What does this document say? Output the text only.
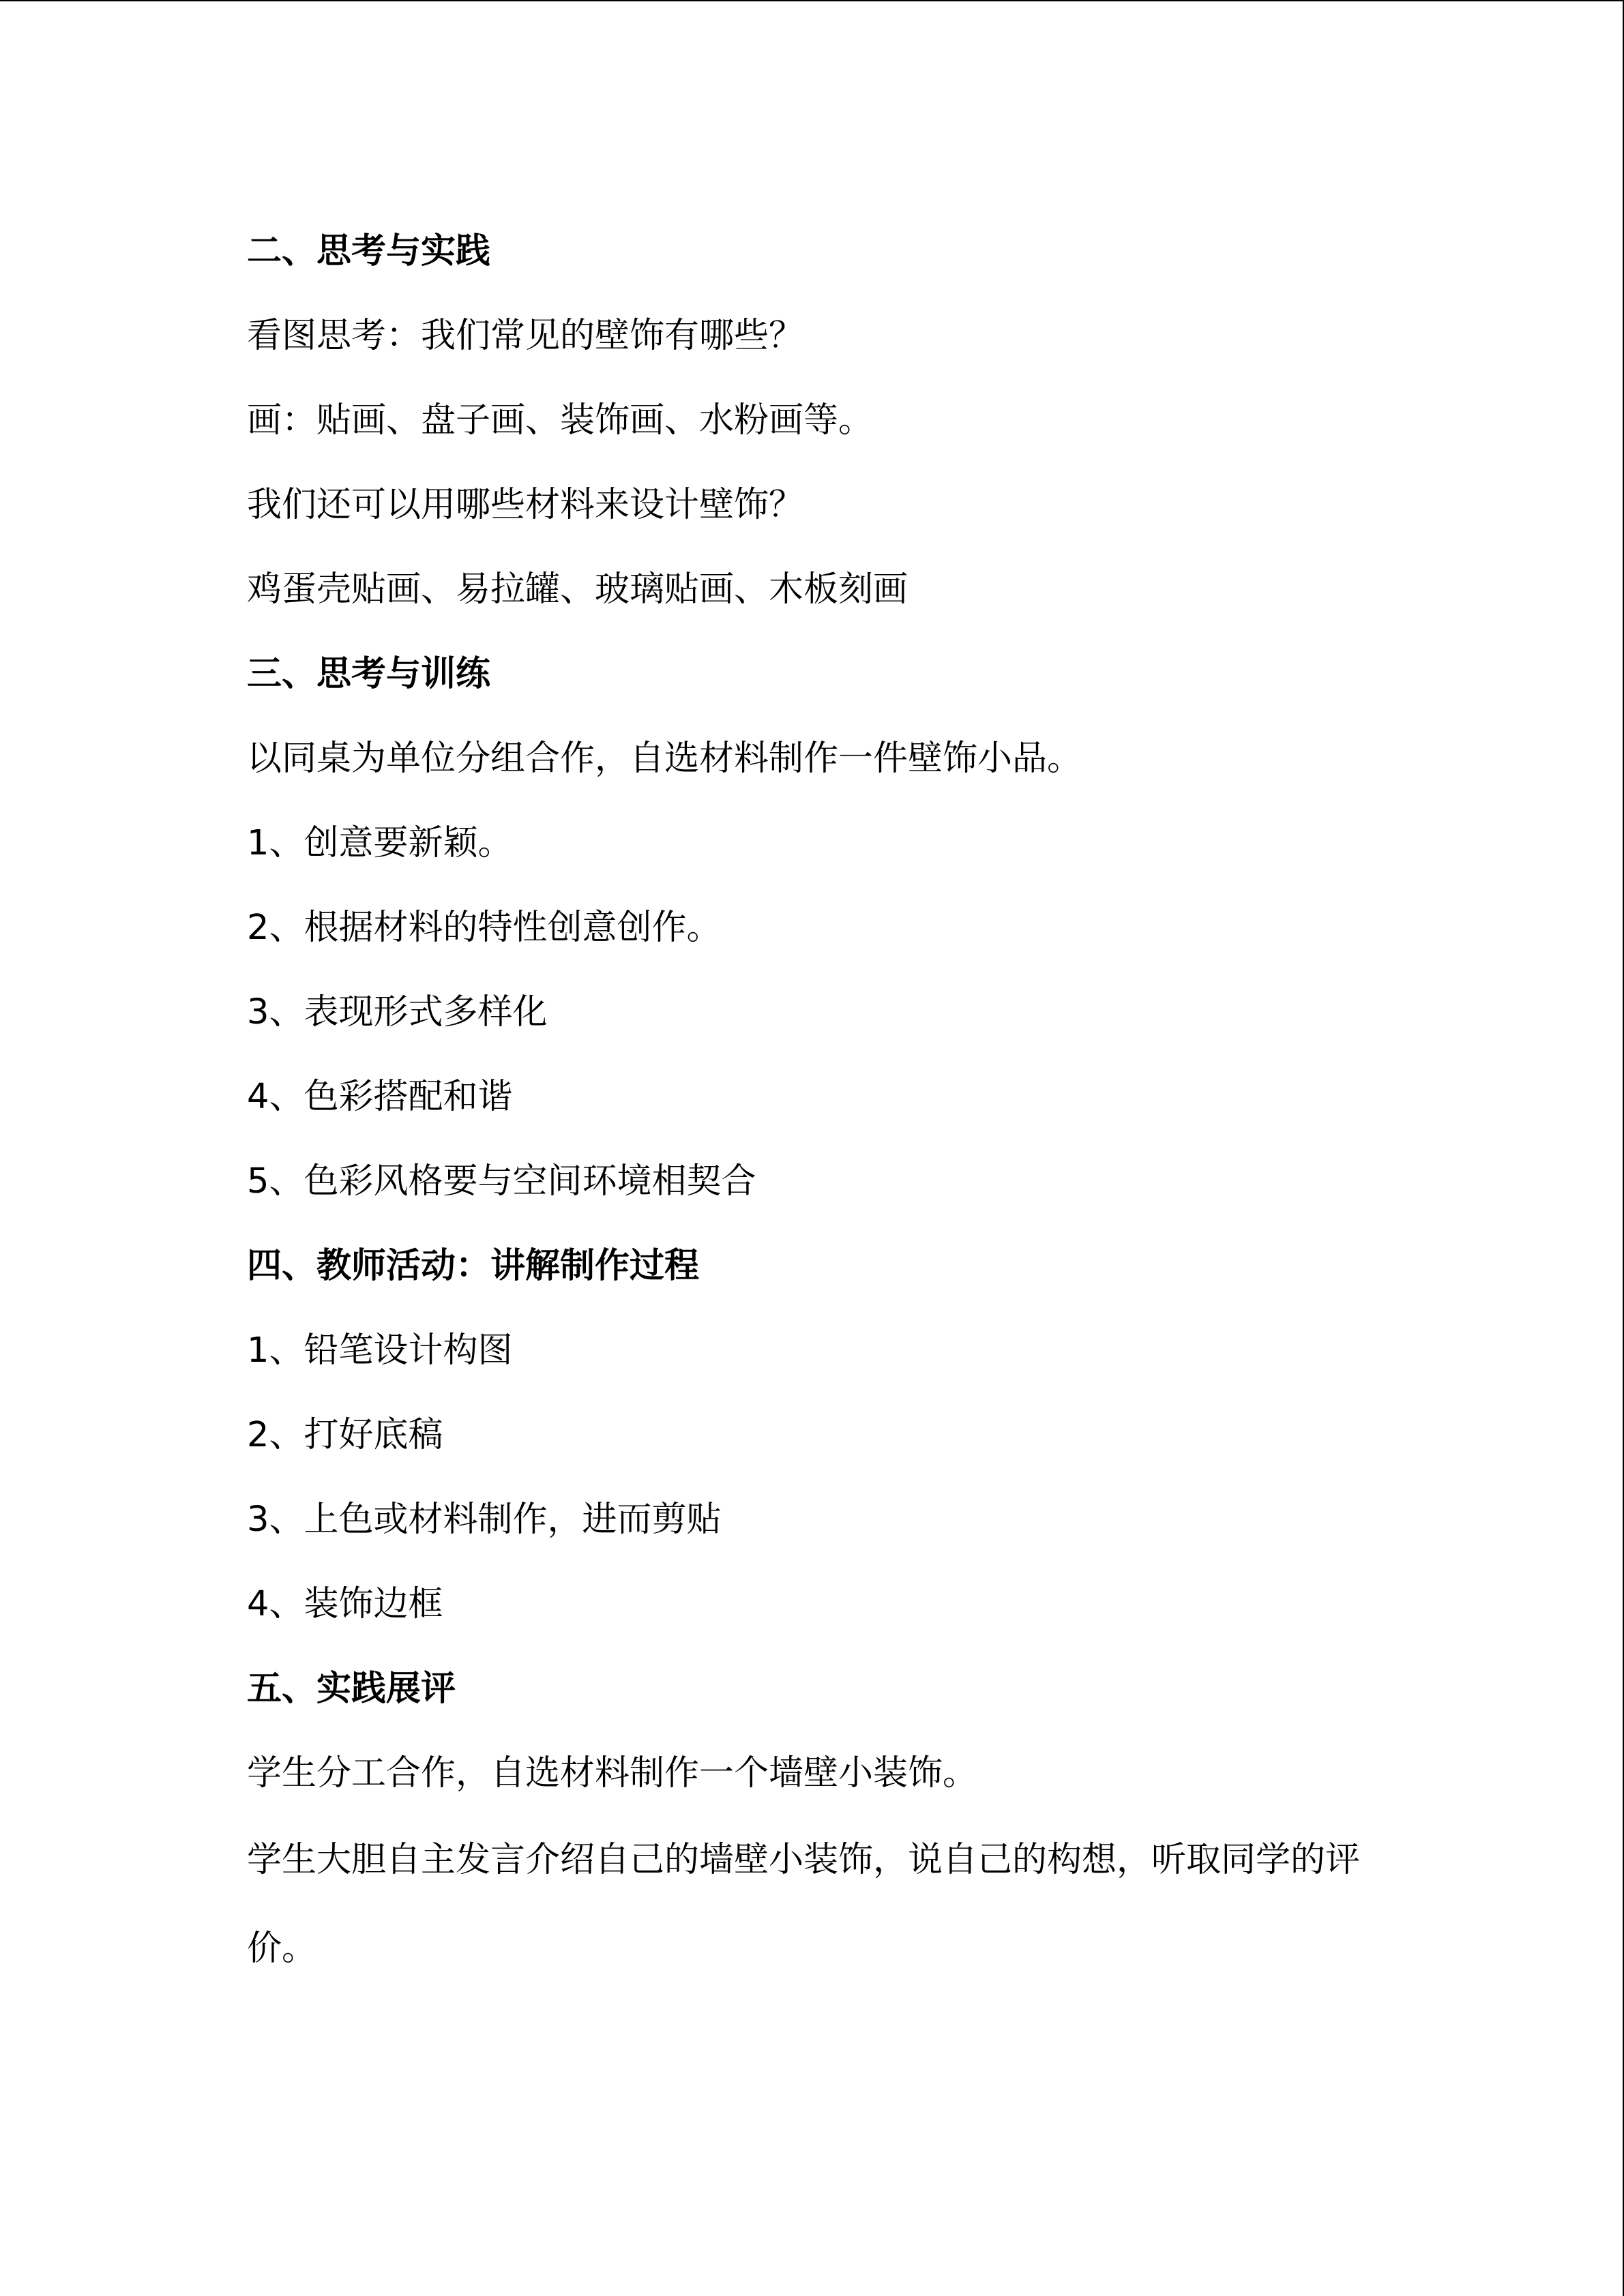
二、思考与实践
看图思考：我们常见的壁饰有哪些？
画：贴画、盘子画、装饰画、水粉画等。
我们还可以用哪些材料来设计壁饰？
鸡蛋壳贴画、易拉罐、玻璃贴画、木板刻画
三、思考与训练
以同桌为单位分组合作，自选材料制作一件壁饰小品。
1、创意要新颖。
2、根据材料的特性创意创作。
3、表现形式多样化
4、色彩搭配和谐
5、色彩风格要与空间环境相契合
四、教师活动：讲解制作过程
1、铅笔设计构图
2、打好底稿
3、上色或材料制作，进而剪贴
4、装饰边框
五、实践展评
学生分工合作，自选材料制作一个墙壁小装饰。
学生大胆自主发言介绍自己的墙壁小装饰，说自己的构想，听取同学的评价。
